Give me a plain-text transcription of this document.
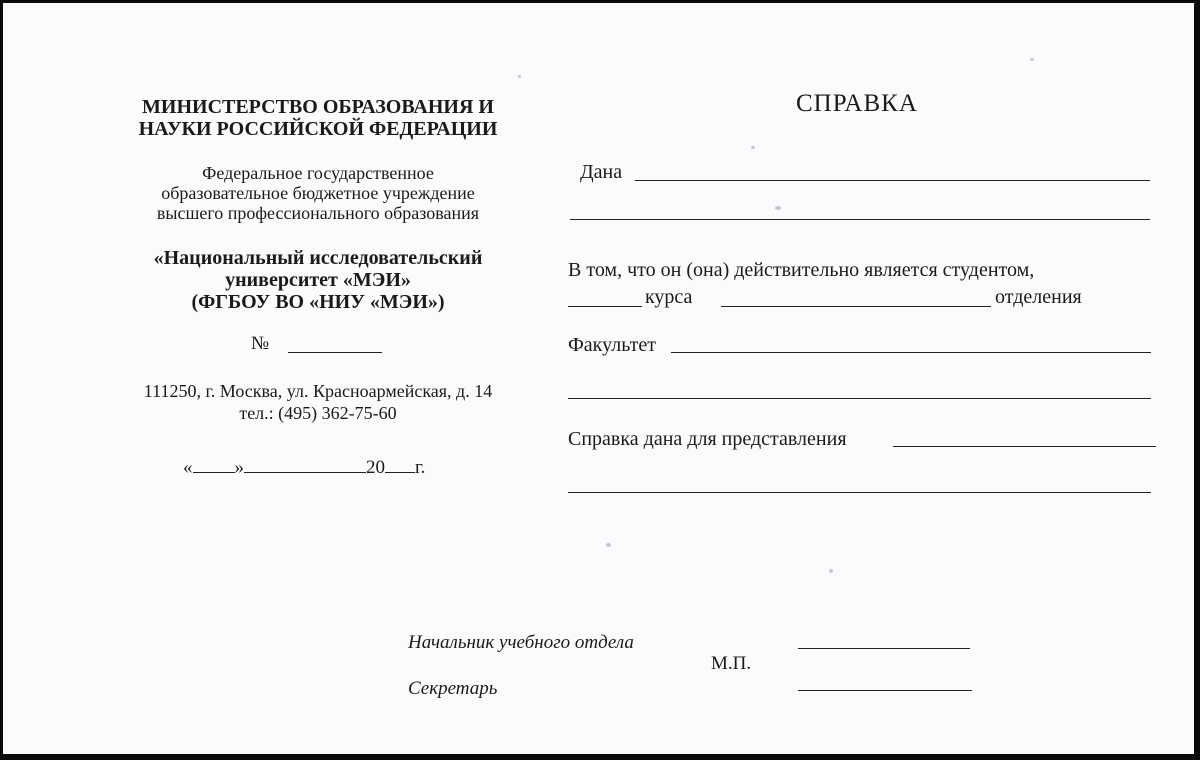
МИНИСТЕРСТВО ОБРАЗОВАНИЯ И
НАУКИ РОССИЙСКОЙ ФЕДЕРАЦИИ
Федеральное государственное
образовательное бюджетное учреждение
высшего профессионального образования
«Национальный исследовательский
университет «МЭИ»
(ФГБОУ ВО «НИУ «МЭИ»)
№
111250, г. Москва, ул. Красноармейская, д. 14
тел.: (495) 362-75-60
« »	20 г.
СПРАВКА
Дана
В том, что он (она) действительно является студентом,
курса	отделения
Факультет
Справка дана для представления
Начальник учебного отдела
Секретарь
М.П.
